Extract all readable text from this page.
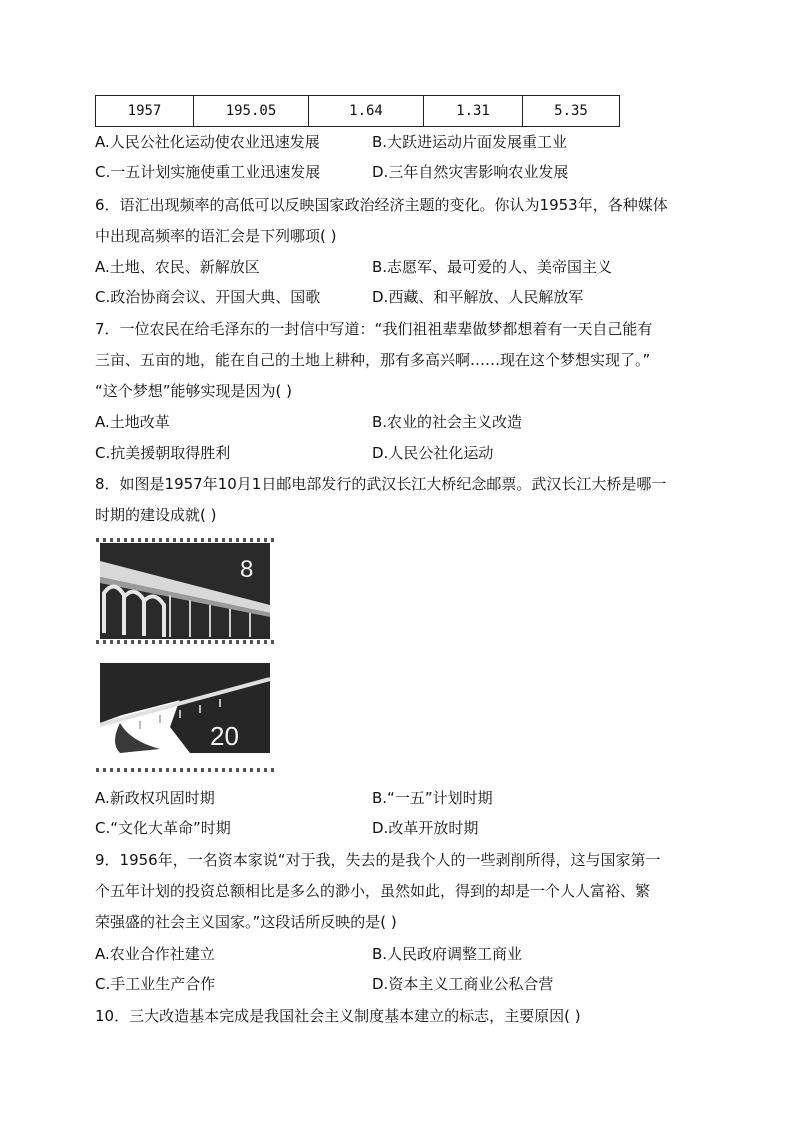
1957	195.05	1.64	1.31	5.35
A.人民公社化运动使农业迅速发展	B.大跃进运动片面发展重工业
C.一五计划实施使重工业迅速发展	D.三年自然灾害影响农业发展
6．语汇出现频率的高低可以反映国家政治经济主题的变化。你认为1953年，各种媒体
中出现高频率的语汇会是下列哪项( )
A.土地、农民、新解放区	B.志愿军、最可爱的人、美帝国主义
C.政治协商会议、开国大典、国歌	D.西藏、和平解放、人民解放军
7．一位农民在给毛泽东的一封信中写道：“我们祖祖辈辈做梦都想着有一天自己能有
三亩、五亩的地，能在自己的土地上耕种，那有多高兴啊……现在这个梦想实现了。”
“这个梦想”能够实现是因为( )
A.土地改革	B.农业的社会主义改造
C.抗美援朝取得胜利	D.人民公社化运动
8．如图是1957年10月1日邮电部发行的武汉长江大桥纪念邮票。武汉长江大桥是哪一
时期的建设成就( )
8
20
A.新政权巩固时期	B.“一五”计划时期
C.“文化大革命”时期	D.改革开放时期
9．1956年，一名资本家说“对于我，失去的是我个人的一些剥削所得，这与国家第一
个五年计划的投资总额相比是多么的渺小，虽然如此，得到的却是一个人人富裕、繁
荣强盛的社会主义国家。”这段话所反映的是( )
A.农业合作社建立	B.人民政府调整工商业
C.手工业生产合作	D.资本主义工商业公私合营
10．三大改造基本完成是我国社会主义制度基本建立的标志，主要原因( )
